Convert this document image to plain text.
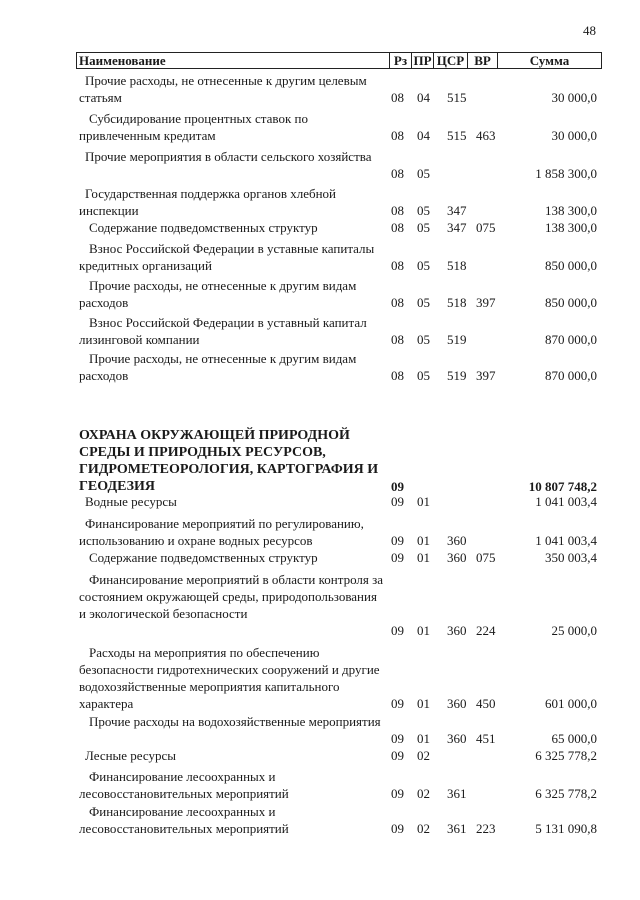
48
Наименование	Рз ПР ЦСР ВР	Сумма
Прочие расходы, не отнесенные к другим целевым статьям	08 04 515	30 000,0
Субсидирование процентных ставок по привлеченным кредитам	08 04 515 463	30 000,0
Прочие мероприятия в области сельского хозяйства
08 05	1 858 300,0
Государственная поддержка органов хлебной инспекции	08 05 347	138 300,0
Содержание подведомственных структур	08 05 347 075	138 300,0
Взнос Российской Федерации в уставные капиталы кредитных организаций	08 05 518	850 000,0
Прочие расходы, не отнесенные к другим видам расходов	08 05 518 397	850 000,0
Взнос Российской Федерации в уставный капитал лизинговой компании	08 05 519	870 000,0
Прочие расходы, не отнесенные к другим видам расходов	08 05 519 397	870 000,0
ОХРАНА ОКРУЖАЮЩЕЙ ПРИРОДНОЙ СРЕДЫ И ПРИРОДНЫХ РЕСУРСОВ, ГИДРОМЕТЕОРОЛОГИЯ, КАРТОГРАФИЯ И ГЕОДЕЗИЯ	09	10 807 748,2
Водные ресурсы	09 01	1 041 003,4
Финансирование мероприятий по регулированию, использованию и охране водных ресурсов	09 01 360	1 041 003,4
Содержание подведомственных структур	09 01 360 075	350 003,4
Финансирование мероприятий в области контроля за состоянием окружающей среды, природопользования и экологической безопасности
09 01 360 224	25 000,0
Расходы на мероприятия по обеспечению безопасности гидротехнических сооружений и другие водохозяйственные мероприятия капитального характера	09 01 360 450	601 000,0
Прочие расходы на водохозяйственные мероприятия
09 01 360 451	65 000,0
Лесные ресурсы	09 02	6 325 778,2
Финансирование лесоохранных и лесовосстановительных мероприятий	09 02 361	6 325 778,2
Финансирование лесоохранных и лесовосстановительных мероприятий	09 02 361 223	5 131 090,8
